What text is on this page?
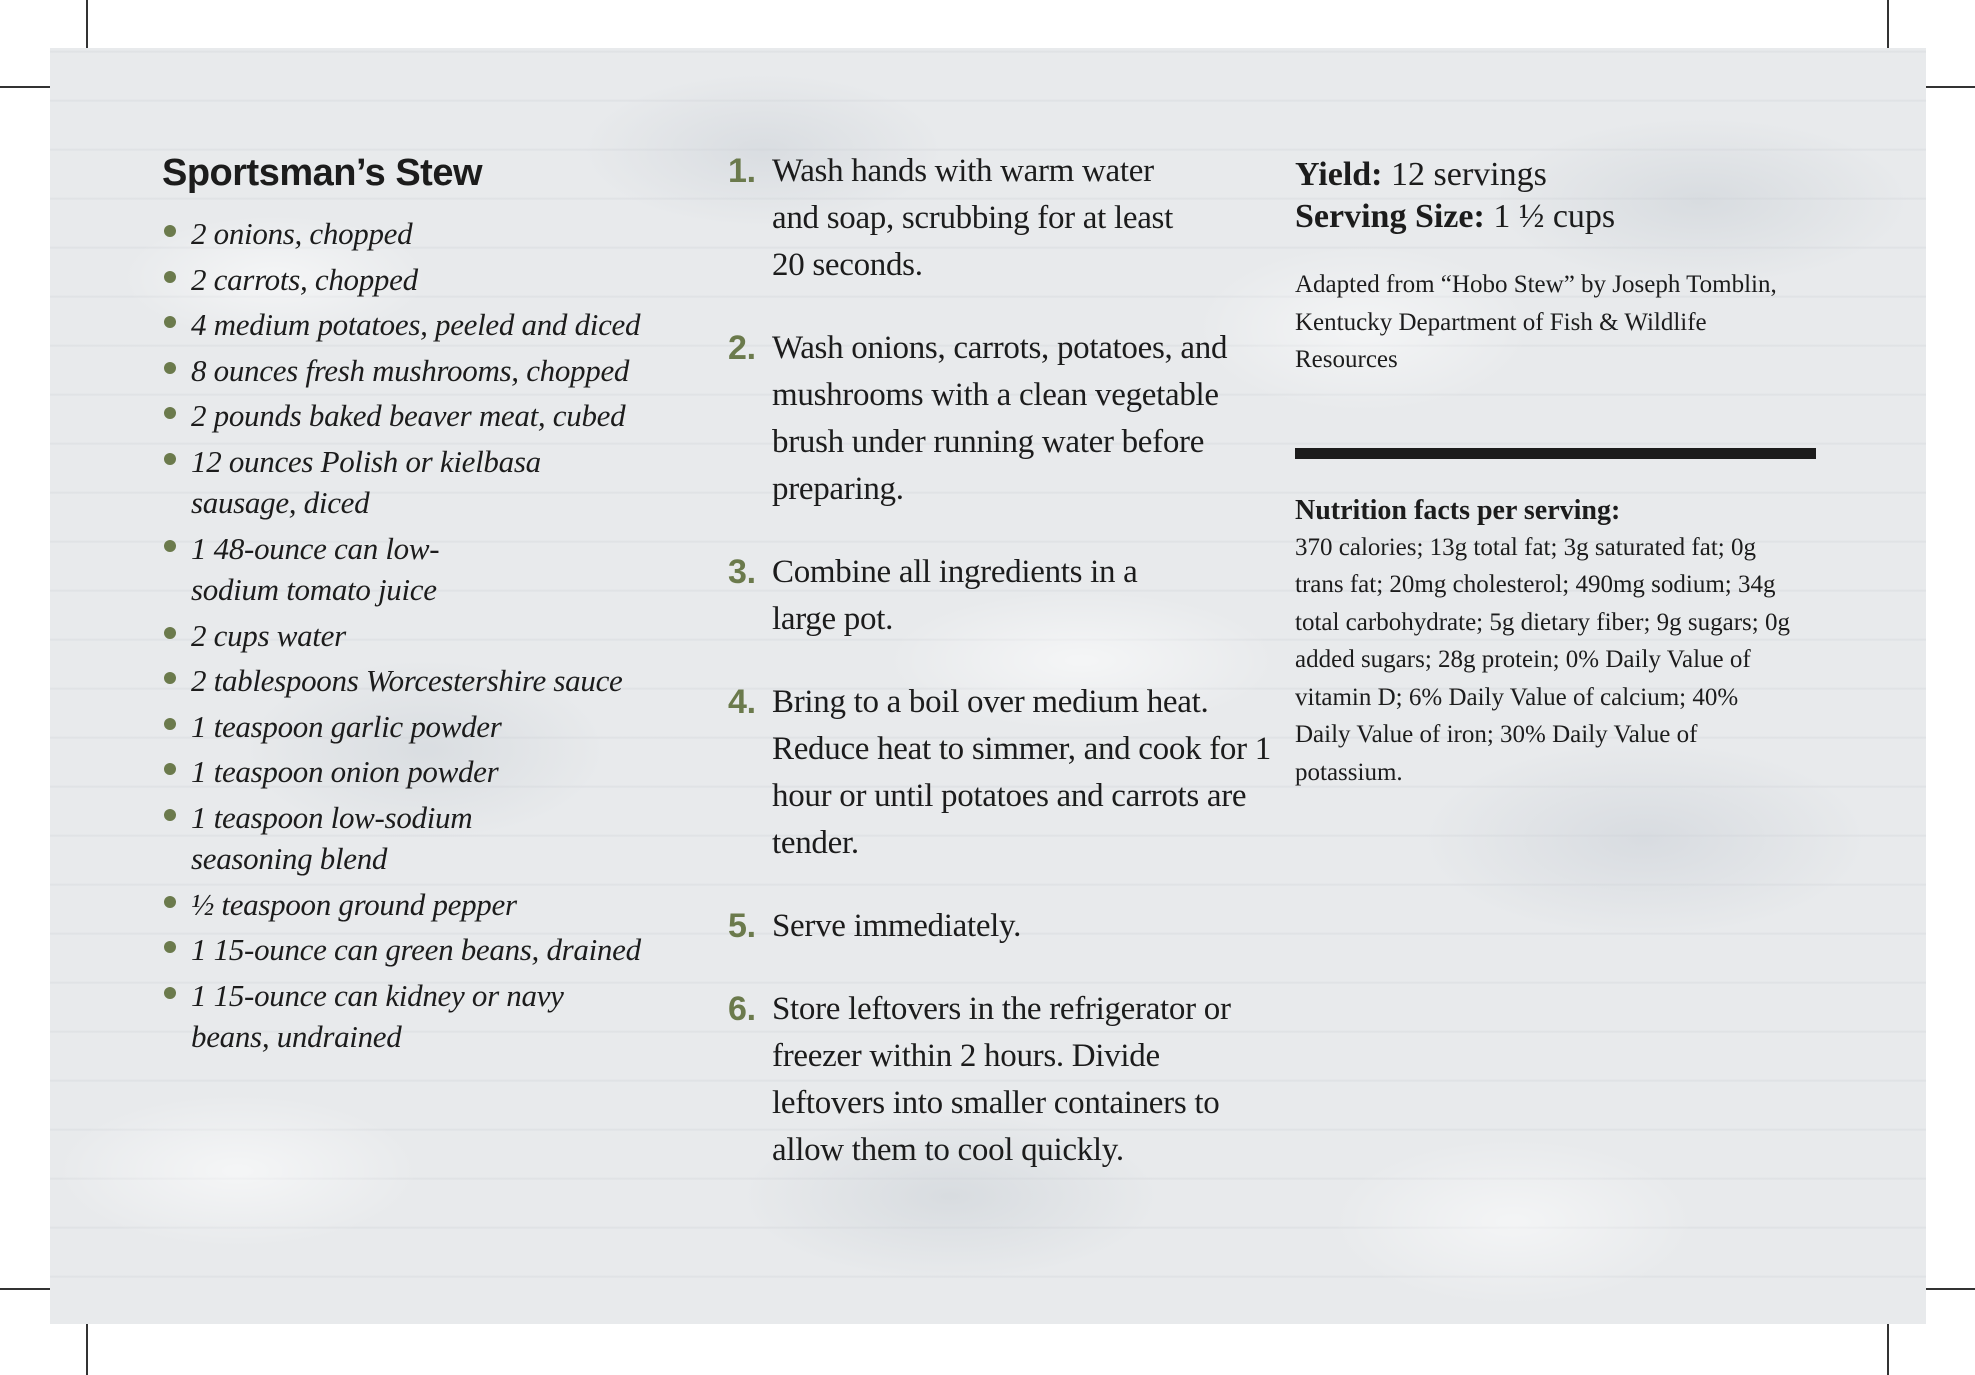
Sportsman’s Stew
2 onions, chopped
2 carrots, chopped
4 medium potatoes, peeled and diced
8 ounces fresh mushrooms, chopped
2 pounds baked beaver meat, cubed
12 ounces Polish or kielbasa sausage, diced
1 48-ounce can low-sodium tomato juice
2 cups water
2 tablespoons Worcestershire sauce
1 teaspoon garlic powder
1 teaspoon onion powder
1 teaspoon low-sodium seasoning blend
½ teaspoon ground pepper
1 15-ounce can green beans, drained
1 15-ounce can kidney or navy beans, undrained
1. Wash hands with warm water and soap, scrubbing for at least 20 seconds.
2. Wash onions, carrots, potatoes, and mushrooms with a clean vegetable brush under running water before preparing.
3. Combine all ingredients in a large pot.
4. Bring to a boil over medium heat. Reduce heat to simmer, and cook for 1 hour or until potatoes and carrots are tender.
5. Serve immediately.
6. Store leftovers in the refrigerator or freezer within 2 hours. Divide leftovers into smaller containers to allow them to cool quickly.

Yield: 12 servings

Serving Size: 1 ½ cups

Adapted from “Hobo Stew” by Joseph Tomblin, Kentucky Department of Fish & Wildlife Resources

Nutrition facts per serving:

370 calories; 13g total fat; 3g saturated fat; 0g trans fat; 20mg cholesterol; 490mg sodium; 34g total carbohydrate; 5g dietary fiber; 9g sugars; 0g added sugars; 28g protein; 0% Daily Value of vitamin D; 6% Daily Value of calcium; 40% Daily Value of iron; 30% Daily Value of potassium.
